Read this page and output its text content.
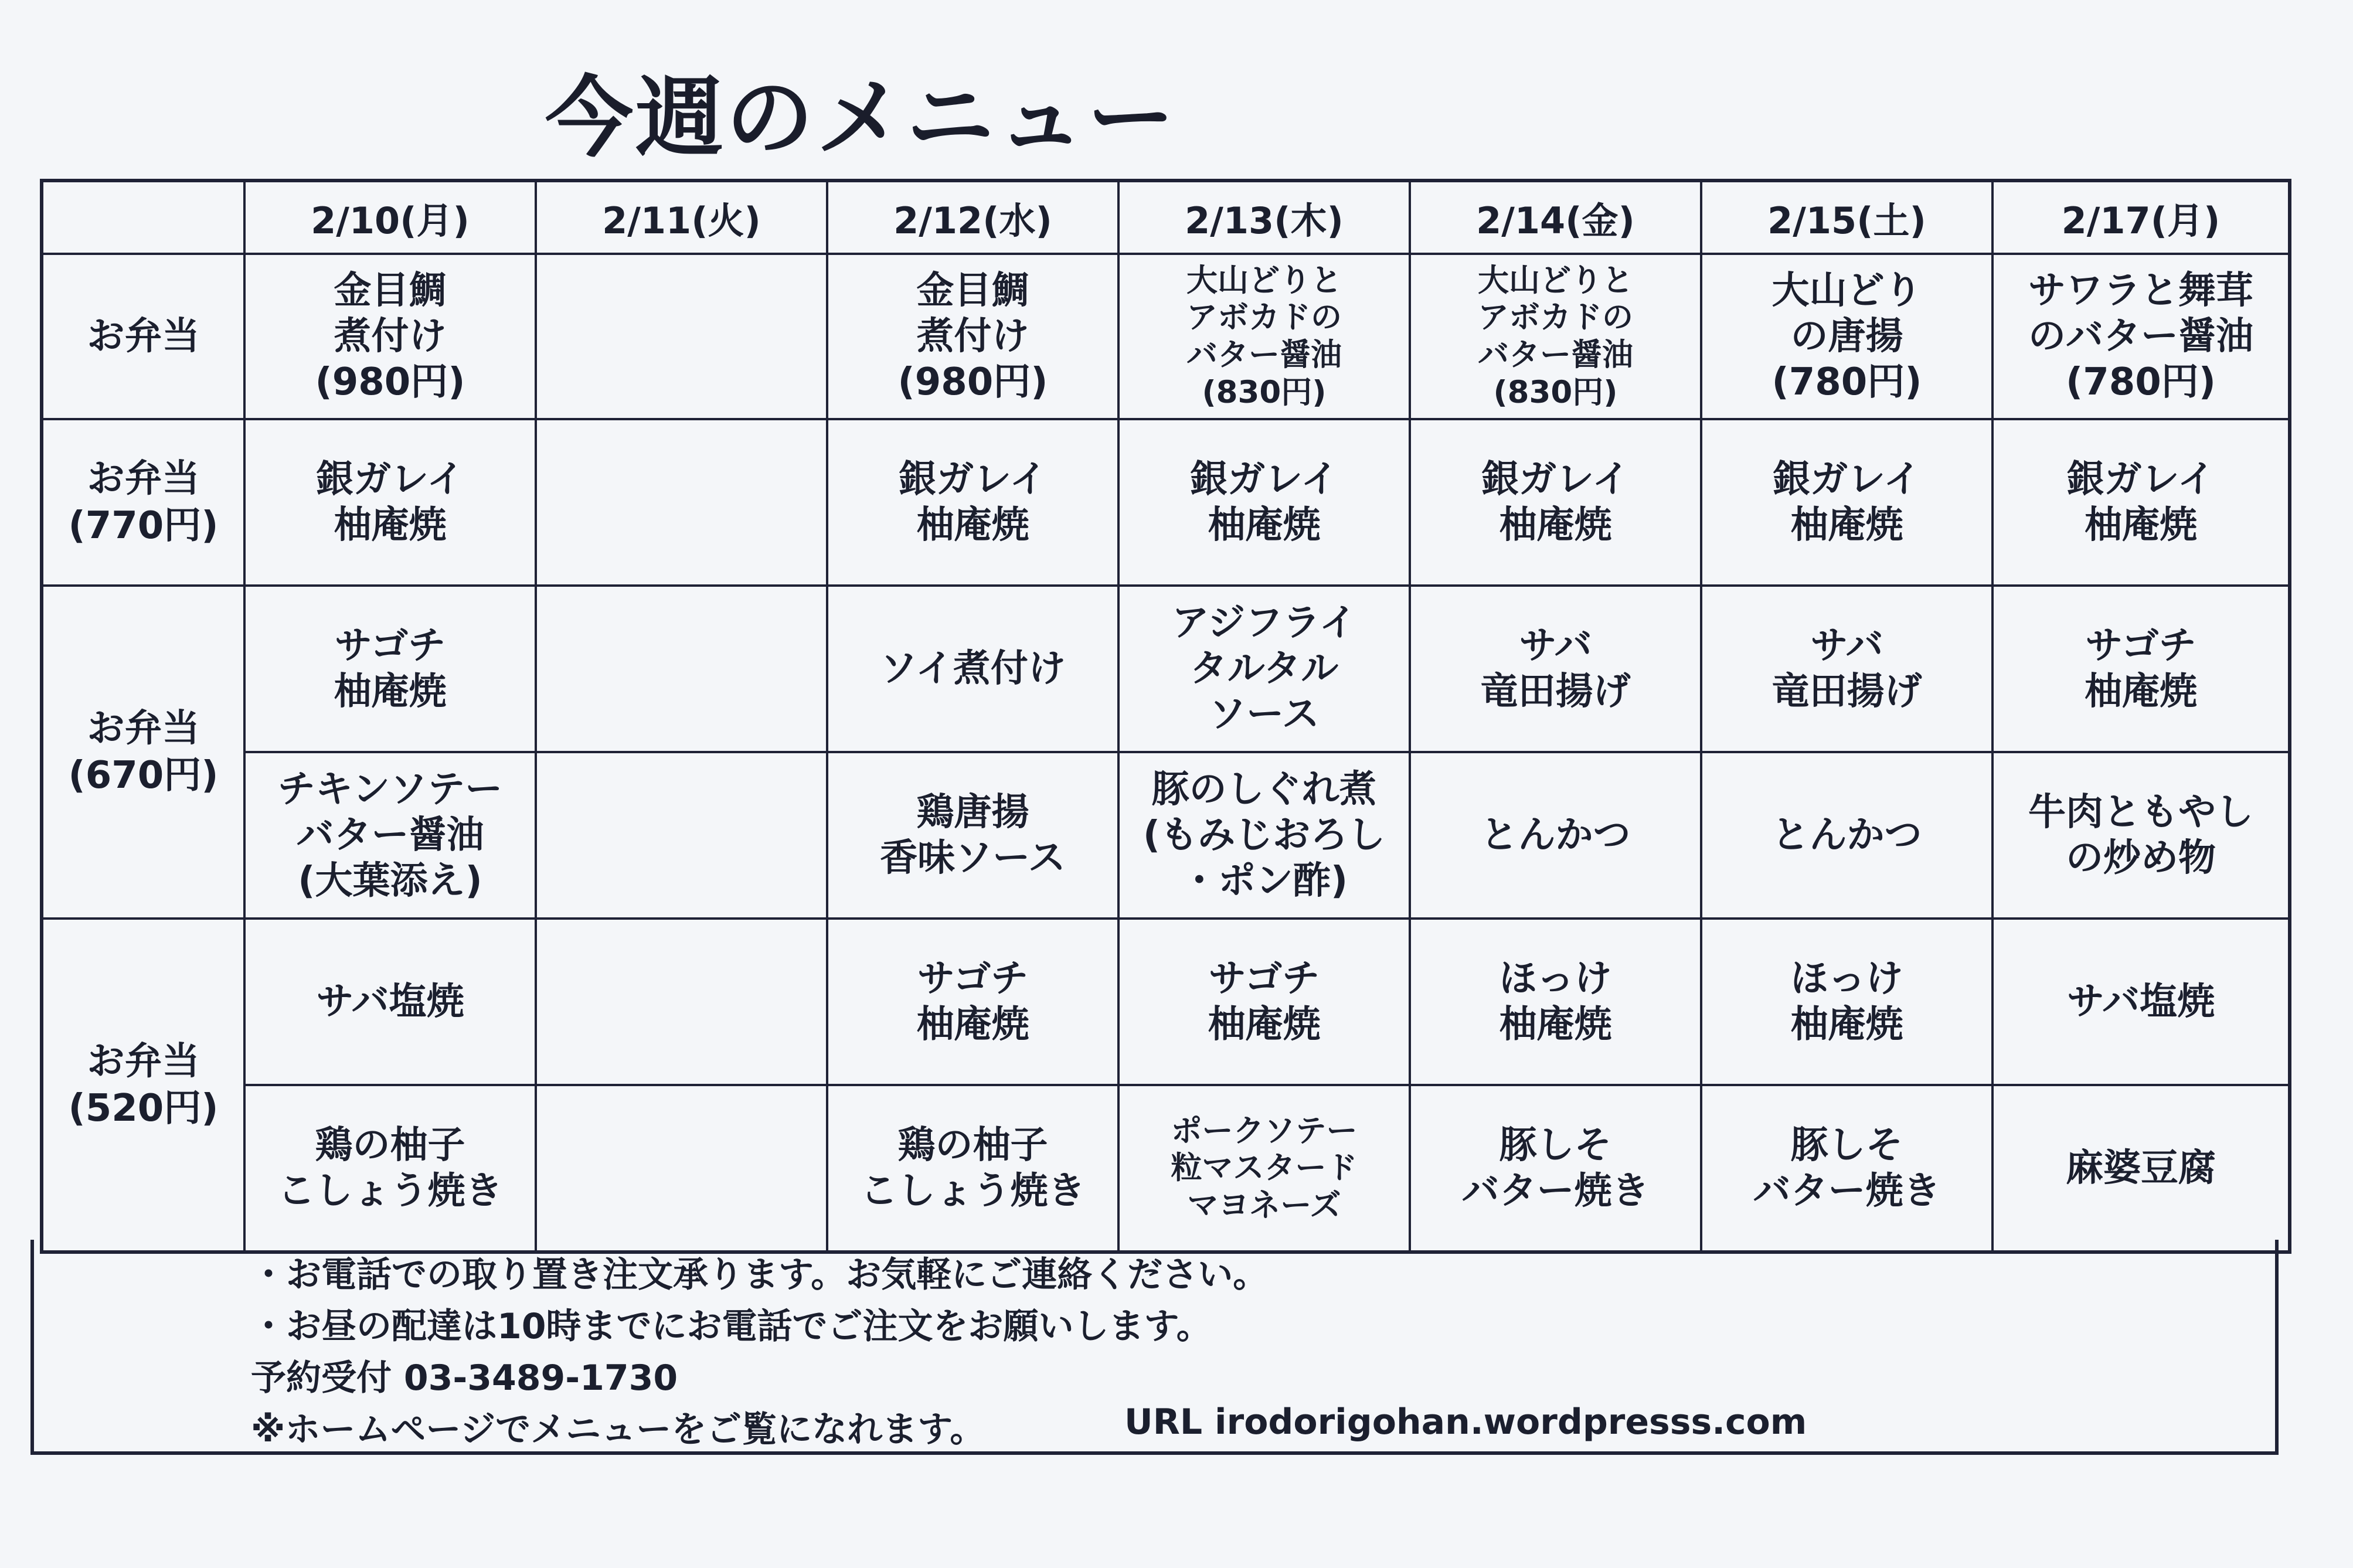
今週のメニュー
	2/10(月)	2/11(火)	2/12(水)	2/13(木)	2/14(金)	2/15(土)	2/17(月)
お弁当	金目鯛
煮付け
(980円)		金目鯛
煮付け
(980円)	大山どりと
アボカドの
バター醤油
(830円)	大山どりと
アボカドの
バター醤油
(830円)	大山どり
の唐揚
(780円)	サワラと舞茸
のバター醤油
(780円)

お弁当
(770円)	銀ガレイ
柚庵焼		銀ガレイ
柚庵焼	銀ガレイ
柚庵焼	銀ガレイ
柚庵焼	銀ガレイ
柚庵焼	銀ガレイ
柚庵焼

お弁当
(670円)	サゴチ
柚庵焼		ソイ煮付け	アジフライ
タルタル
ソース	サバ
竜田揚げ	サバ
竜田揚げ	サゴチ
柚庵焼

	チキンソテー
バター醤油
(大葉添え)		鶏唐揚
香味ソース	豚のしぐれ煮
(もみじおろし
・ポン酢)	とんかつ	とんかつ	牛肉ともやし
の炒め物

お弁当
(520円)	サバ塩焼		サゴチ
柚庵焼	サゴチ
柚庵焼	ほっけ
柚庵焼	ほっけ
柚庵焼	サバ塩焼

	鶏の柚子
こしょう焼き		鶏の柚子
こしょう焼き	ポークソテー
粒マスタード
マヨネーズ	豚しそ
バター焼き	豚しそ
バター焼き	麻婆豆腐
・お電話での取り置き注文承ります。お気軽にご連絡ください。
・お昼の配達は10時までにお電話でご注文をお願いします。
予約受付 03-3489-1730
※ホームページでメニューをご覧になれます。	URL irodorigohan.wordpresss.com
